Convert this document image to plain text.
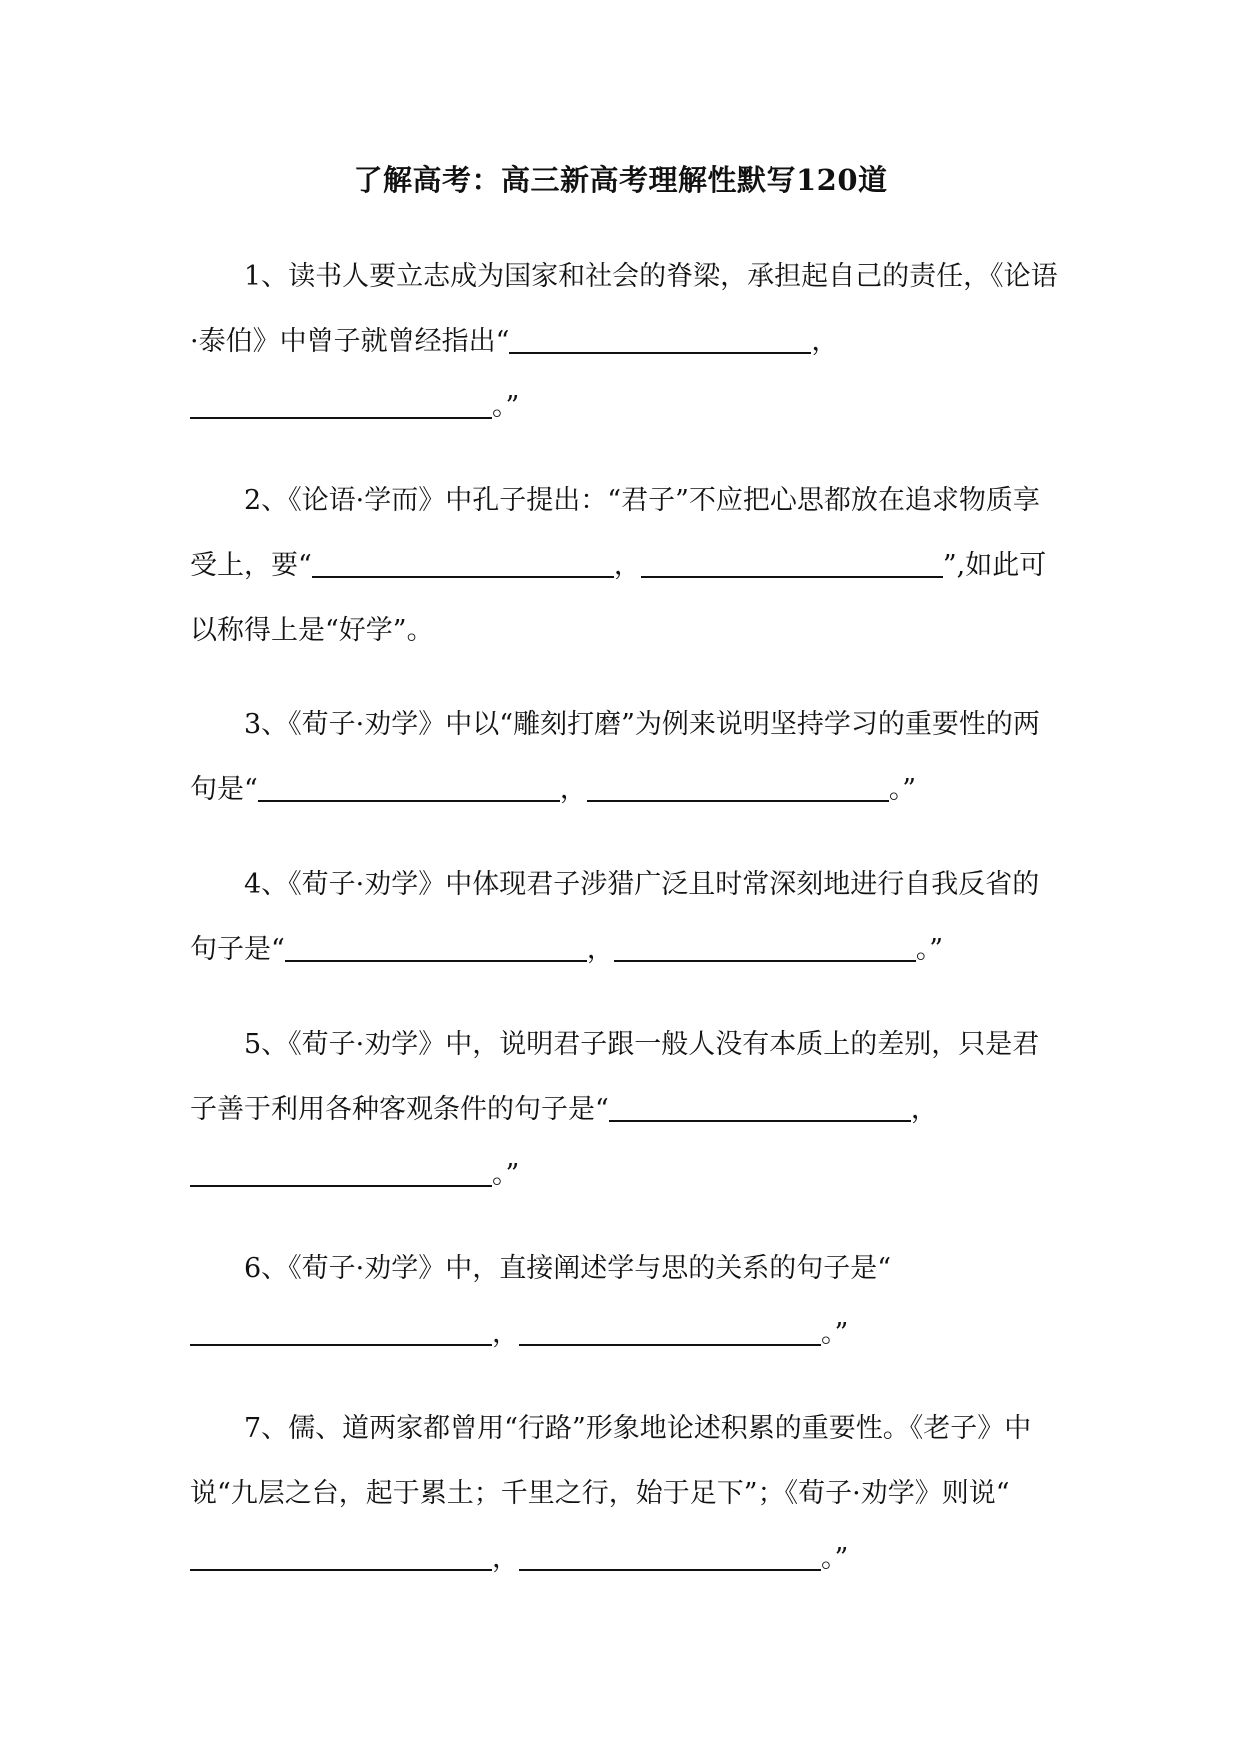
了解高考：高三新高考理解性默写120道
1、读书人要立志成为国家和社会的脊梁，承担起自己的责任，《论语·泰伯》中曾子就曾经指出“	，。”
2、《论语·学而》中孔子提出：“君子”不应把心思都放在追求物质享受上，要“	，	”,如此可以称得上是“好学”。
3、《荀子·劝学》中以“雕刻打磨”为例来说明坚持学习的重要性的两句是“	，	。”
4、《荀子·劝学》中体现君子涉猎广泛且时常深刻地进行自我反省的句子是“	，	。”
5、《荀子·劝学》中，说明君子跟一般人没有本质上的差别，只是君子善于利用各种客观条件的句子是“	，。”
6、《荀子·劝学》中，直接阐述学与思的关系的句子是“，	。”
7、儒、道两家都曾用“行路”形象地论述积累的重要性。《老子》中说“九层之台，起于累土；千里之行，始于足下”；《荀子·劝学》则说“，	。”
